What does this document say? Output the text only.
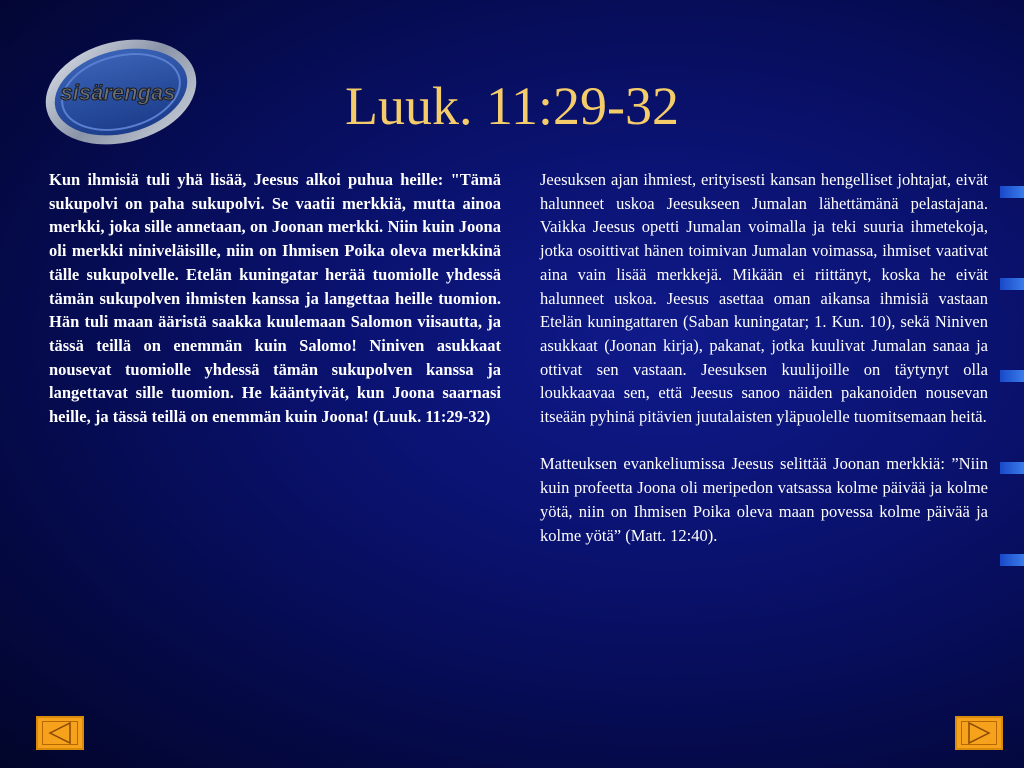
sisärengas	Luuk. 11:29-32
Kun ihmisiä tuli yhä lisää, Jeesus alkoi puhua heille: "Tämä sukupolvi on paha sukupolvi. Se vaatii merkkiä, mutta ainoa merkki, joka sille annetaan, on Joonan merkki. Niin kuin Joona oli merkki niniveläisille, niin on Ihmisen Poika oleva merkkinä tälle sukupolvelle. Etelän kuningatar herää tuomiolle yhdessä tämän sukupolven ihmisten kanssa ja langettaa heille tuomion. Hän tuli maan ääristä saakka kuulemaan Salomon viisautta, ja tässä teillä on enemmän kuin Salomo! Niniven asukkaat nousevat tuomiolle yhdessä tämän sukupolven kanssa ja langettavat sille tuomion. He kääntyivät, kun Joona saarnasi heille, ja tässä teillä on enemmän kuin Joona! (Luuk. 11:29-32)

Jeesuksen ajan ihmiest, erityisesti kansan hengelliset johtajat, eivät halunneet uskoa Jeesukseen Jumalan lähettämänä pelastajana. Vaikka Jeesus opetti Jumalan voimalla ja teki suuria ihmetekoja, jotka osoittivat hänen toimivan Jumalan voimassa, ihmiset vaativat aina vain lisää merkkejä. Mikään ei riittänyt, koska he eivät halunneet uskoa. Jeesus asettaa oman aikansa ihmisiä vastaan Etelän kuningattaren (Saban kuningatar; 1. Kun. 10), sekä Niniven asukkaat (Joonan kirja), pakanat, jotka kuulivat Jumalan sanaa ja ottivat sen vastaan. Jeesuksen kuulijoille on täytynyt olla loukkaavaa sen, että Jeesus sanoo näiden pakanoiden nousevan itseään pyhinä pitävien juutalaisten yläpuolelle tuomitsemaan heitä.

Matteuksen evankeliumissa Jeesus selittää Joonan merkkiä: ”Niin kuin profeetta Joona oli meripedon vatsassa kolme päivää ja kolme yötä, niin on Ihmisen Poika oleva maan povessa kolme päivää ja kolme yötä” (Matt. 12:40).
